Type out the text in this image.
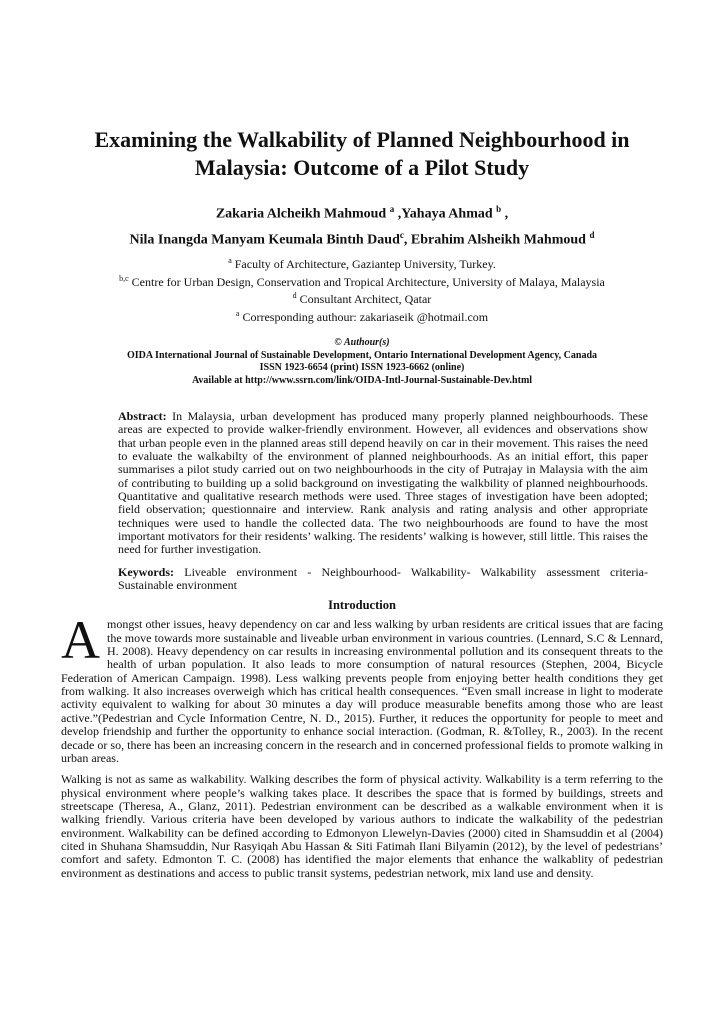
Examining the Walkability of Planned Neighbourhood in Malaysia: Outcome of a Pilot Study
Zakaria Alcheikh Mahmoud $^a$ ,Yahaya Ahmad $^b$ ,
Nila Inangda Manyam Keumala Bintıh Daud$^c$, Ebrahim Alsheikh Mahmoud $^d$
$^a$ Faculty of Architecture, Gaziantep University, Turkey.
$^{b,c}$ Centre for Urban Design, Conservation and Tropical Architecture, University of Malaya, Malaysia
$^d$ Consultant Architect, Qatar
$^a$ Corresponding authour: zakariaseik @hotmail.com
© Authour(s)
OIDA International Journal of Sustainable Development, Ontario International Development Agency, Canada
ISSN 1923-6654 (print) ISSN 1923-6662 (online)
Available at http://www.ssrn.com/link/OIDA-Intl-Journal-Sustainable-Dev.html
Abstract: In Malaysia, urban development has produced many properly planned neighbourhoods. These areas are expected to provide walker-friendly environment. However, all evidences and observations show that urban people even in the planned areas still depend heavily on car in their movement. This raises the need to evaluate the walkabilty of the environment of planned neighbourhoods. As an initial effort, this paper summarises a pilot study carried out on two neighbourhoods in the city of Putrajay in Malaysia with the aim of contributing to building up a solid background on investigating the walkbility of planned neighbourhoods. Quantitative and qualitative research methods were used. Three stages of investigation have been adopted; field observation; questionnaire and interview. Rank analysis and rating analysis and other appropriate techniques were used to handle the collected data. The two neighbourhoods are found to have the most important motivators for their residents’ walking. The residents’ walking is however, still little. This raises the need for further investigation.
Keywords: Liveable environment - Neighbourhood- Walkability- Walkability assessment criteria- Sustainable environment
Introduction

Amongst other issues, heavy dependency on car and less walking by urban residents are critical issues that are facing the move towards more sustainable and liveable urban environment in various countries. (Lennard, S.C & Lennard, H. 2008). Heavy dependency on car results in increasing environmental pollution and its consequent threats to the health of urban population. It also leads to more consumption of natural resources (Stephen, 2004, Bicycle Federation of American Campaign. 1998). Less walking prevents people from enjoying better health conditions they get from walking. It also increases overweigh which has critical health consequences. “Even small increase in light to moderate activity equivalent to walking for about 30 minutes a day will produce measurable benefits among those who are least active.”(Pedestrian and Cycle Information Centre, N. D., 2015). Further, it reduces the opportunity for people to meet and develop friendship and further the opportunity to enhance social interaction. (Godman, R. &Tolley, R., 2003). In the recent decade or so, there has been an increasing concern in the research and in concerned professional fields to promote walking in urban areas.

Walking is not as same as walkability. Walking describes the form of physical activity. Walkability is a term referring to the physical environment where people’s walking takes place. It describes the space that is formed by buildings, streets and streetscape (Theresa, A., Glanz, 2011). Pedestrian environment can be described as a walkable environment when it is walking friendly. Various criteria have been developed by various authors to indicate the walkability of the pedestrian environment. Walkability can be defined according to Edmonyon Llewelyn-Davies (2000) cited in Shamsuddin et al (2004) cited in Shuhana Shamsuddin, Nur Rasyiqah Abu Hassan & Siti Fatimah Ilani Bilyamin (2012), by the level of pedestrians’ comfort and safety. Edmonton T. C. (2008) has identified the major elements that enhance the walkablity of pedestrian environment as destinations and access to public transit systems, pedestrian network, mix land use and density.
